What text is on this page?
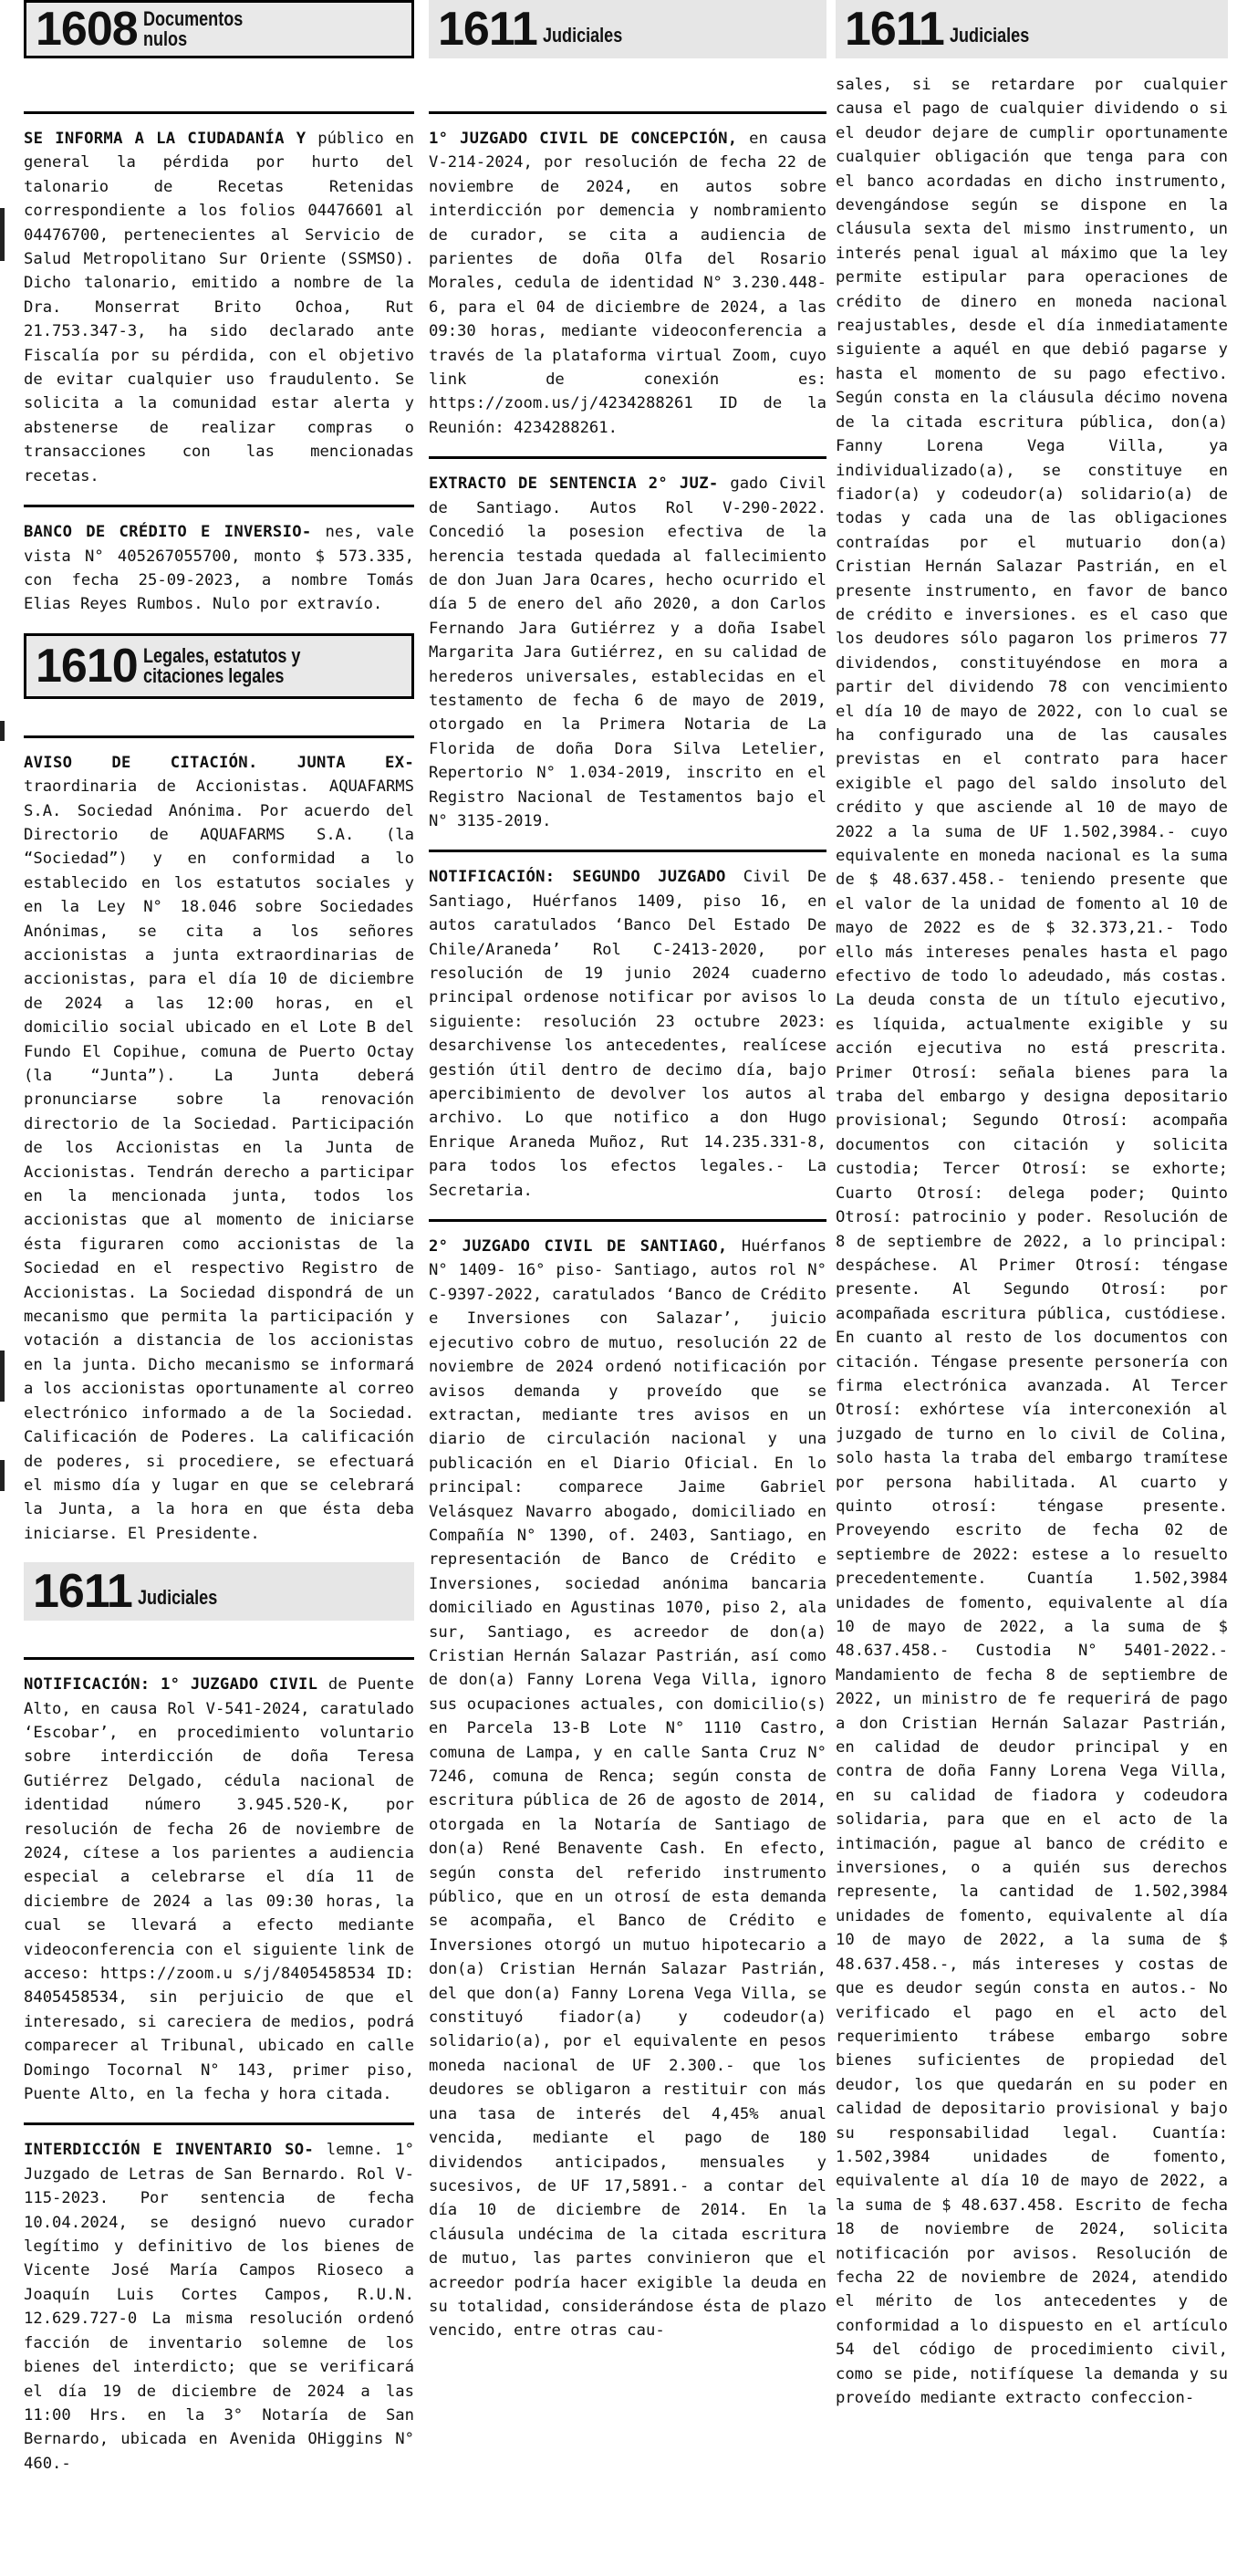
1608 Documentos nulos

SE INFORMA A LA CIUDADANÍA Y público en general la pérdida por hurto del talonario de Recetas Retenidas correspondiente a los folios 04476601 al 04476700, pertenecientes al Servicio de Salud Metropolitano Sur Oriente (SSMSO). Dicho talonario, emitido a nombre de la Dra. Monserrat Brito Ochoa, Rut 21.753.347-3, ha sido declarado ante Fiscalía por su pérdida, con el objetivo de evitar cualquier uso fraudulento. Se solicita a la comunidad estar alerta y abstenerse de realizar compras o transacciones con las mencionadas recetas.

BANCO DE CRÉDITO E INVERSIO- nes, vale vista N° 405267055700, monto $ 573.335, con fecha 25-09-2023, a nombre Tomás Elias Reyes Rumbos. Nulo por extravío.

1610 Legales, estatutos y citaciones legales

AVISO DE CITACIÓN. JUNTA EX- traordinaria de Accionistas. AQUAFARMS S.A. Sociedad Anónima. Por acuerdo del Directorio de AQUAFARMS S.A. (la “Sociedad”) y en conformidad a lo establecido en los estatutos sociales y en la Ley N° 18.046 sobre Sociedades Anónimas, se cita a los señores accionistas a junta extraordinarias de accionistas, para el día 10 de diciembre de 2024 a las 12:00 horas, en el domicilio social ubicado en el Lote B del Fundo El Copihue, comuna de Puerto Octay (la “Junta”). La Junta deberá pronunciarse sobre la renovación directorio de la Sociedad. Participación de los Accionistas en la Junta de Accionistas. Tendrán derecho a participar en la mencionada junta, todos los accionistas que al momento de iniciarse ésta figuraren como accionistas de la Sociedad en el respectivo Registro de Accionistas. La Sociedad dispondrá de un mecanismo que permita la participación y votación a distancia de los accionistas en la junta. Dicho mecanismo se informará a los accionistas oportunamente al correo electrónico informado a de la Sociedad. Calificación de Poderes. La calificación de poderes, si procediere, se efectuará el mismo día y lugar en que se celebrará la Junta, a la hora en que ésta deba iniciarse. El Presidente.

1611 Judiciales

NOTIFICACIÓN: 1° JUZGADO CIVIL de Puente Alto, en causa Rol V-541-2024, caratulado ‘Escobar’, en procedimiento voluntario sobre interdicción de doña Teresa Gutiérrez Delgado, cédula nacional de identidad número 3.945.520-K, por resolución de fecha 26 de noviembre de 2024, cítese a los parientes a audiencia especial a celebrarse el día 11 de diciembre de 2024 a las 09:30 horas, la cual se llevará a efecto mediante videoconferencia con el siguiente link de acceso: https://zoom.u s/j/8405458534 ID: 8405458534, sin perjuicio de que el interesado, si careciera de medios, podrá comparecer al Tribunal, ubicado en calle Domingo Tocornal N° 143, primer piso, Puente Alto, en la fecha y hora citada.

INTERDICCIÓN E INVENTARIO SO- lemne. 1° Juzgado de Letras de San Bernardo. Rol V-115-2023. Por sentencia de fecha 10.04.2024, se designó nuevo curador legítimo y definitivo de los bienes de Vicente José María Campos Rioseco a Joaquín Luis Cortes Campos, R.U.N. 12.629.727-0 La misma resolución ordenó facción de inventario solemne de los bienes del interdicto; que se verificará el día 19 de diciembre de 2024 a las 11:00 Hrs. en la 3° Notaría de San Bernardo, ubicada en Avenida OHiggins N° 460.-

1611 Judiciales

1° JUZGADO CIVIL DE CONCEPCIÓN, en causa V-214-2024, por resolución de fecha 22 de noviembre de 2024, en autos sobre interdicción por demencia y nombramiento de curador, se cita a audiencia de parientes de doña Olfa del Rosario Morales, cedula de identidad N° 3.230.448-6, para el 04 de diciembre de 2024, a las 09:30 horas, mediante videoconferencia a través de la plataforma virtual Zoom, cuyo link de conexión es: https://zoom.us/j/4234288261 ID de la Reunión: 4234288261.

EXTRACTO DE SENTENCIA 2° JUZ- gado Civil de Santiago. Autos Rol V-290-2022. Concedió la posesion efectiva de la herencia testada quedada al fallecimiento de don Juan Jara Ocares, hecho ocurrido el día 5 de enero del año 2020, a don Carlos Fernando Jara Gutiérrez y a doña Isabel Margarita Jara Gutiérrez, en su calidad de herederos universales, establecidas en el testamento de fecha 6 de mayo de 2019, otorgado en la Primera Notaria de La Florida de doña Dora Silva Letelier, Repertorio N° 1.034-2019, inscrito en el Registro Nacional de Testamentos bajo el N° 3135-2019.

NOTIFICACIÓN: SEGUNDO JUZGADO Civil De Santiago, Huérfanos 1409, piso 16, en autos caratulados ‘Banco Del Estado De Chile/Araneda’ Rol C-2413-2020, por resolución de 19 junio 2024 cuaderno principal ordenose notificar por avisos lo siguiente: resolución 23 octubre 2023: desarchivense los antecedentes, realícese gestión útil dentro de decimo día, bajo apercibimiento de devolver los autos al archivo. Lo que notifico a don Hugo Enrique Araneda Muñoz, Rut 14.235.331-8, para todos los efectos legales.- La Secretaria.

2° JUZGADO CIVIL DE SANTIAGO, Huérfanos N° 1409- 16° piso- Santiago, autos rol N° C-9397-2022, caratulados ‘Banco de Crédito e Inversiones con Salazar’, juicio ejecutivo cobro de mutuo, resolución 22 de noviembre de 2024 ordenó notificación por avisos demanda y proveído que se extractan, mediante tres avisos en un diario de circulación nacional y una publicación en el Diario Oficial. En lo principal: comparece Jaime Gabriel Velásquez Navarro abogado, domiciliado en Compañía N° 1390, of. 2403, Santiago, en representación de Banco de Crédito e Inversiones, sociedad anónima bancaria domiciliado en Agustinas 1070, piso 2, ala sur, Santiago, es acreedor de don(a) Cristian Hernán Salazar Pastrián, así como de don(a) Fanny Lorena Vega Villa, ignoro sus ocupaciones actuales, con domicilio(s) en Parcela 13-B Lote N° 1110 Castro, comuna de Lampa, y en calle Santa Cruz N° 7246, comuna de Renca; según consta de escritura pública de 26 de agosto de 2014, otorgada en la Notaría de Santiago de don(a) René Benavente Cash. En efecto, según consta del referido instrumento público, que en un otrosí de esta demanda se acompaña, el Banco de Crédito e Inversiones otorgó un mutuo hipotecario a don(a) Cristian Hernán Salazar Pastrián, del que don(a) Fanny Lorena Vega Villa, se constituyó fiador(a) y codeudor(a) solidario(a), por el equivalente en pesos moneda nacional de UF 2.300.- que los deudores se obligaron a restituir con más una tasa de interés del 4,45% anual vencida, mediante el pago de 180 dividendos anticipados, mensuales y sucesivos, de UF 17,5891.- a contar del día 10 de diciembre de 2014. En la cláusula undécima de la citada escritura de mutuo, las partes convinieron que el acreedor podría hacer exigible la deuda en su totalidad, considerándose ésta de plazo vencido, entre otras cau-

1611 Judiciales

sales, si se retardare por cualquier causa el pago de cualquier dividendo o si el deudor dejare de cumplir oportunamente cualquier obligación que tenga para con el banco acordadas en dicho instrumento, devengándose según se dispone en la cláusula sexta del mismo instrumento, un interés penal igual al máximo que la ley permite estipular para operaciones de crédito de dinero en moneda nacional reajustables, desde el día inmediatamente siguiente a aquél en que debió pagarse y hasta el momento de su pago efectivo. Según consta en la cláusula décimo novena de la citada escritura pública, don(a) Fanny Lorena Vega Villa, ya individualizado(a), se constituye en fiador(a) y codeudor(a) solidario(a) de todas y cada una de las obligaciones contraídas por el mutuario don(a) Cristian Hernán Salazar Pastrián, en el presente instrumento, en favor de banco de crédito e inversiones. es el caso que los deudores sólo pagaron los primeros 77 dividendos, constituyéndose en mora a partir del dividendo 78 con vencimiento el día 10 de mayo de 2022, con lo cual se ha configurado una de las causales previstas en el contrato para hacer exigible el pago del saldo insoluto del crédito y que asciende al 10 de mayo de 2022 a la suma de UF 1.502,3984.- cuyo equivalente en moneda nacional es la suma de $ 48.637.458.- teniendo presente que el valor de la unidad de fomento al 10 de mayo de 2022 es de $ 32.373,21.- Todo ello más intereses penales hasta el pago efectivo de todo lo adeudado, más costas. La deuda consta de un título ejecutivo, es líquida, actualmente exigible y su acción ejecutiva no está prescrita. Primer Otrosí: señala bienes para la traba del embargo y designa depositario provisional; Segundo Otrosí: acompaña documentos con citación y solicita custodia; Tercer Otrosí: se exhorte; Cuarto Otrosí: delega poder; Quinto Otrosí: patrocinio y poder. Resolución de 8 de septiembre de 2022, a lo principal: despáchese. Al Primer Otrosí: téngase presente. Al Segundo Otrosí: por acompañada escritura pública, custódiese. En cuanto al resto de los documentos con citación. Téngase presente personería con firma electrónica avanzada. Al Tercer Otrosí: exhórtese vía interconexión al juzgado de turno en lo civil de Colina, solo hasta la traba del embargo tramítese por persona habilitada. Al cuarto y quinto otrosí: téngase presente. Proveyendo escrito de fecha 02 de septiembre de 2022: estese a lo resuelto precedentemente. Cuantía 1.502,3984 unidades de fomento, equivalente al día 10 de mayo de 2022, a la suma de $ 48.637.458.- Custodia N° 5401-2022.- Mandamiento de fecha 8 de septiembre de 2022, un ministro de fe requerirá de pago a don Cristian Hernán Salazar Pastrián, en calidad de deudor principal y en contra de doña Fanny Lorena Vega Villa, en su calidad de fiadora y codeudora solidaria, para que en el acto de la intimación, pague al banco de crédito e inversiones, o a quién sus derechos represente, la cantidad de 1.502,3984 unidades de fomento, equivalente al día 10 de mayo de 2022, a la suma de $ 48.637.458.-, más intereses y costas de que es deudor según consta en autos.- No verificado el pago en el acto del requerimiento trábese embargo sobre bienes suficientes de propiedad del deudor, los que quedarán en su poder en calidad de depositario provisional y bajo su responsabilidad legal. Cuantía: 1.502,3984 unidades de fomento, equivalente al día 10 de mayo de 2022, a la suma de $ 48.637.458. Escrito de fecha 18 de noviembre de 2024, solicita notificación por avisos. Resolución de fecha 22 de noviembre de 2024, atendido el mérito de los antecedentes y de conformidad a lo dispuesto en el artículo 54 del código de procedimiento civil, como se pide, notifíquese la demanda y su proveído mediante extracto confeccion-
